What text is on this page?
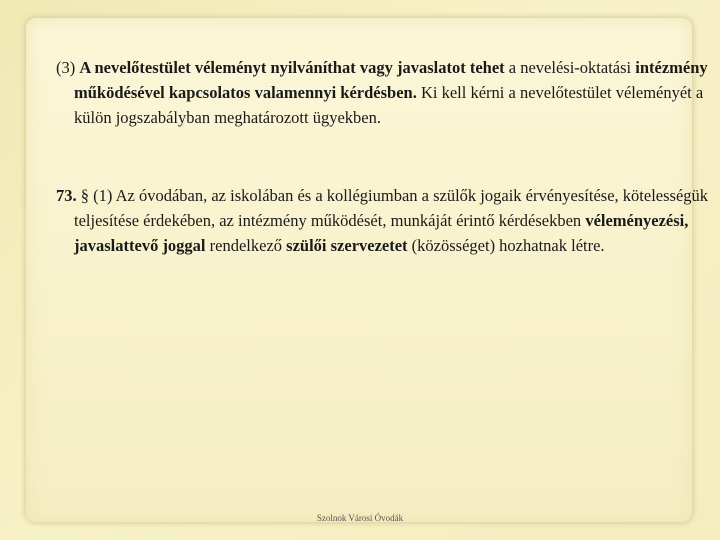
(3) A nevelőtestület véleményt nyilváníthat vagy javaslatot tehet a nevelési-oktatási intézmény működésével kapcsolatos valamennyi kérdésben. Ki kell kérni a nevelőtestület véleményét a külön jogszabályban meghatározott ügyekben.

73. § (1) Az óvodában, az iskolában és a kollégiumban a szülők jogaik érvényesítése, kötelességük teljesítése érdekében, az intézmény működését, munkáját érintő kérdésekben véleményezési, javaslattevő joggal rendelkező szülői szervezetet (közösséget) hozhatnak létre.

Szolnok Városi Óvodák
